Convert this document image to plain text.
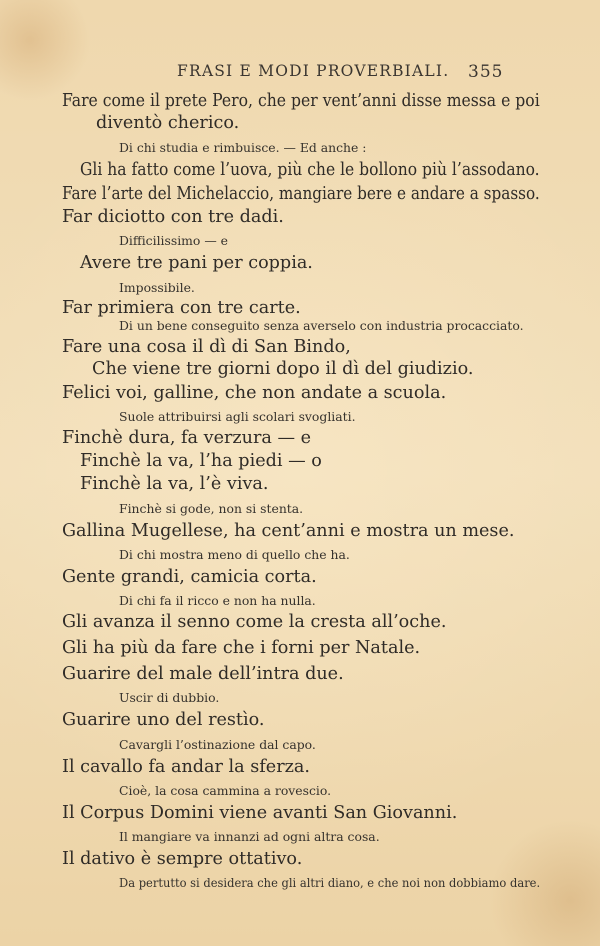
FRASI E MODI PROVERBIALI. 355
Fare come il prete Pero, che per vent’anni disse messa e poi
diventò cherico.
Di chi studia e rimbuisce. — Ed anche :
Gli ha fatto come l’uova, più che le bollono più l’assodano.
Fare l’arte del Michelaccio, mangiare bere e andare a spasso.
Far diciotto con tre dadi.
Difficilissimo — e
Avere tre pani per coppia.
Impossibile.
Far primiera con tre carte.
Di un bene conseguito senza averselo con industria procacciato.
Fare una cosa il dì di San Bindo,
Che viene tre giorni dopo il dì del giudizio.
Felici voi, galline, che non andate a scuola.
Suole attribuirsi agli scolari svogliati.
Finchè dura, fa verzura — e
Finchè la va, l’ha piedi — o
Finchè la va, l’è viva.
Finchè si gode, non si stenta.
Gallina Mugellese, ha cent’anni e mostra un mese.
Di chi mostra meno di quello che ha.
Gente grandi, camicia corta.
Di chi fa il ricco e non ha nulla.
Gli avanza il senno come la cresta all’oche.
Gli ha più da fare che i forni per Natale.
Guarire del male dell’intra due.
Uscir di dubbio.
Guarire uno del restìo.
Cavargli l’ostinazione dal capo.
Il cavallo fa andar la sferza.
Cioè, la cosa cammina a rovescio.
Il Corpus Domini viene avanti San Giovanni.
Il mangiare va innanzi ad ogni altra cosa.
Il dativo è sempre ottativo.
Da pertutto si desidera che gli altri diano, e che noi non dobbiamo dare.
